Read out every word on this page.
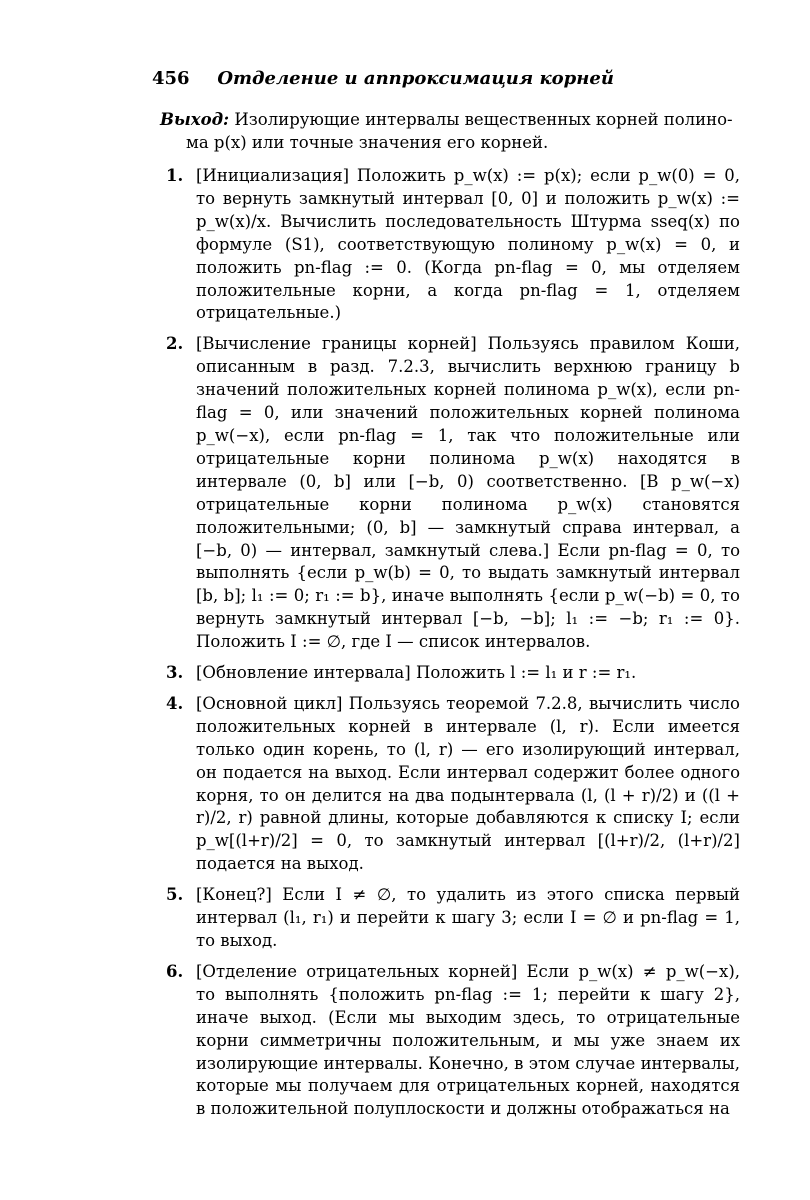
456 Отделение и аппроксимация корней
Выход: Изолирующие интервалы вещественных корней полино-
ма p(x) или точные значения его корней.
1. [Инициализация] Положить p_w(x) := p(x); если p_w(0) = 0, то вернуть замкнутый интервал [0, 0] и положить p_w(x) := p_w(x)/x. Вычислить последовательность Штурма sseq(x) по формуле (S1), соответствующую полиному p_w(x) = 0, и положить pn-flag := 0. (Когда pn-flag = 0, мы отделяем положительные корни, а когда pn-flag = 1, отделяем отрицательные.)
2. [Вычисление границы корней] Пользуясь правилом Коши, описанным в разд. 7.2.3, вычислить верхнюю границу b значений положительных корней полинома p_w(x), если pn-flag = 0, или значений положительных корней полинома p_w(−x), если pn-flag = 1, так что положительные или отрицательные корни полинома p_w(x) находятся в интервале (0, b] или [−b, 0) соответственно. [В p_w(−x) отрицательные корни полинома p_w(x) становятся положительными; (0, b] — замкнутый справа интервал, а [−b, 0) — интервал, замкнутый слева.] Если pn-flag = 0, то выполнять {если p_w(b) = 0, то выдать замкнутый интервал [b, b]; l₁ := 0; r₁ := b}, иначе выполнять {если p_w(−b) = 0, то вернуть замкнутый интервал [−b, −b]; l₁ := −b; r₁ := 0}. Положить I := ∅, где I — список интервалов.
3. [Обновление интервала] Положить l := l₁ и r := r₁.
4. [Основной цикл] Пользуясь теоремой 7.2.8, вычислить число положительных корней в интервале (l, r). Если имеется только один корень, то (l, r) — его изолирующий интервал, он подается на выход. Если интервал содержит более одного корня, то он делится на два подынтервала (l, (l + r)/2) и ((l + r)/2, r) равной длины, которые добавляются к списку I; если p_w[(l+r)/2] = 0, то замкнутый интервал [(l+r)/2, (l+r)/2] подается на выход.
5. [Конец?] Если I ≠ ∅, то удалить из этого списка первый интервал (l₁, r₁) и перейти к шагу 3; если I = ∅ и pn-flag = 1, то выход.
6. [Отделение отрицательных корней] Если p_w(x) ≠ p_w(−x), то выполнять {положить pn-flag := 1; перейти к шагу 2}, иначе выход. (Если мы выходим здесь, то отрицательные корни симметричны положительным, и мы уже знаем их изолирующие интервалы. Конечно, в этом случае интервалы, которые мы получаем для отрицательных корней, находятся в положительной полуплоскости и должны отображаться на
